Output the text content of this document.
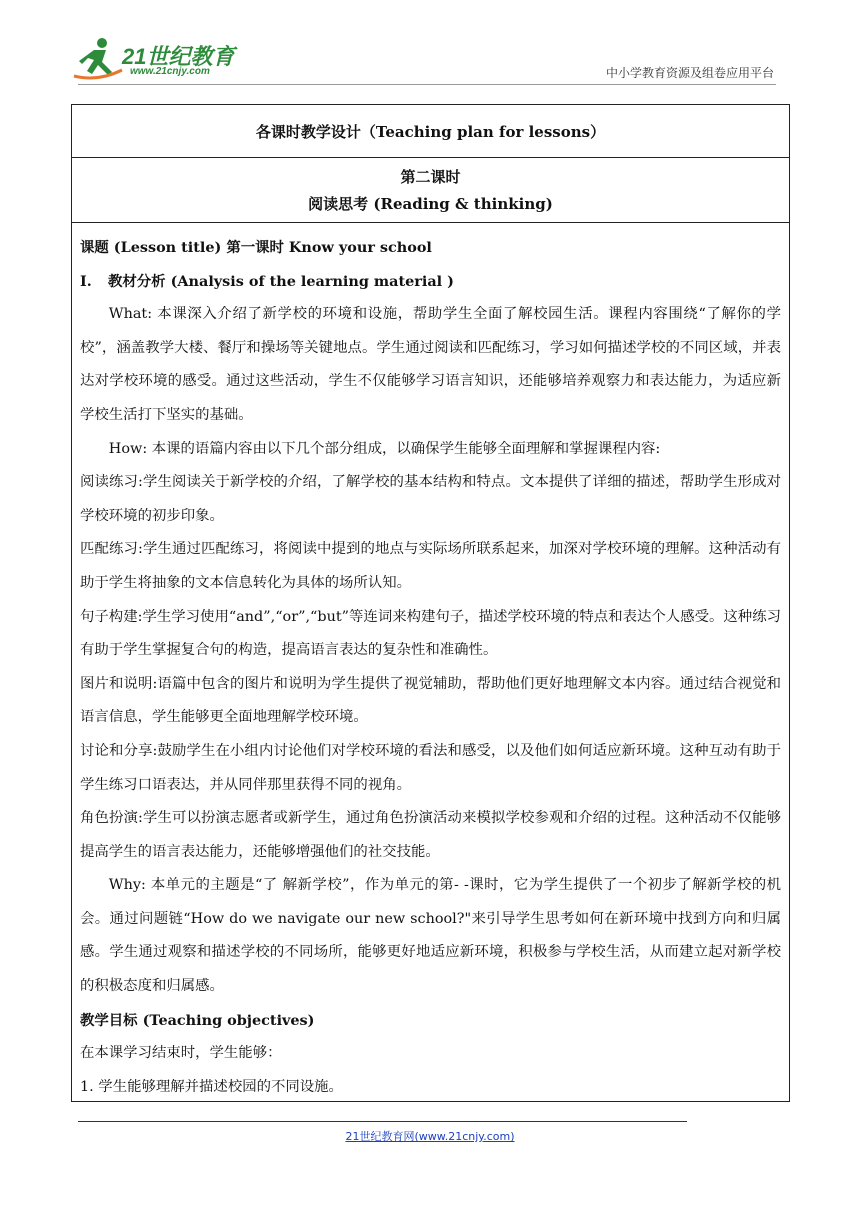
21世纪教育
www.21cnjy.com	中小学教育资源及组卷应用平台
各课时教学设计（Teaching plan for lessons）
第二课时
阅读思考 (Reading & thinking)

课题 (Lesson title) 第一课时 Know your school

I. 教材分析 (Analysis of the learning material )

What: 本课深入介绍了新学校的环境和设施，帮助学生全面了解校园生活。课程内容围绕“了解你的学校”，涵盖教学大楼、餐厅和操场等关键地点。学生通过阅读和匹配练习，学习如何描述学校的不同区域，并表达对学校环境的感受。通过这些活动，学生不仅能够学习语言知识，还能够培养观察力和表达能力，为适应新学校生活打下坚实的基础。

How: 本课的语篇内容由以下几个部分组成，以确保学生能够全面理解和掌握课程内容:

阅读练习:学生阅读关于新学校的介绍，了解学校的基本结构和特点。文本提供了详细的描述，帮助学生形成对学校环境的初步印象。

匹配练习:学生通过匹配练习，将阅读中提到的地点与实际场所联系起来，加深对学校环境的理解。这种活动有助于学生将抽象的文本信息转化为具体的场所认知。

句子构建:学生学习使用“and”,“or”,“but”等连词来构建句子，描述学校环境的特点和表达个人感受。这种练习有助于学生掌握复合句的构造，提高语言表达的复杂性和准确性。

图片和说明:语篇中包含的图片和说明为学生提供了视觉辅助，帮助他们更好地理解文本内容。通过结合视觉和语言信息，学生能够更全面地理解学校环境。

讨论和分享:鼓励学生在小组内讨论他们对学校环境的看法和感受，以及他们如何适应新环境。这种互动有助于学生练习口语表达，并从同伴那里获得不同的视角。

角色扮演:学生可以扮演志愿者或新学生，通过角色扮演活动来模拟学校参观和介绍的过程。这种活动不仅能够提高学生的语言表达能力，还能够增强他们的社交技能。

Why: 本单元的主题是“了 解新学校”，作为单元的第- -课时，它为学生提供了一个初步了解新学校的机会。通过问题链“How do we navigate our new school?"来引导学生思考如何在新环境中找到方向和归属感。学生通过观察和描述学校的不同场所，能够更好地适应新环境，积极参与学校生活，从而建立起对新学校的积极态度和归属感。

教学目标 (Teaching objectives)

在本课学习结束时，学生能够：

1. 学生能够理解并描述校园的不同设施。

21世纪教育网(www.21cnjy.com)
